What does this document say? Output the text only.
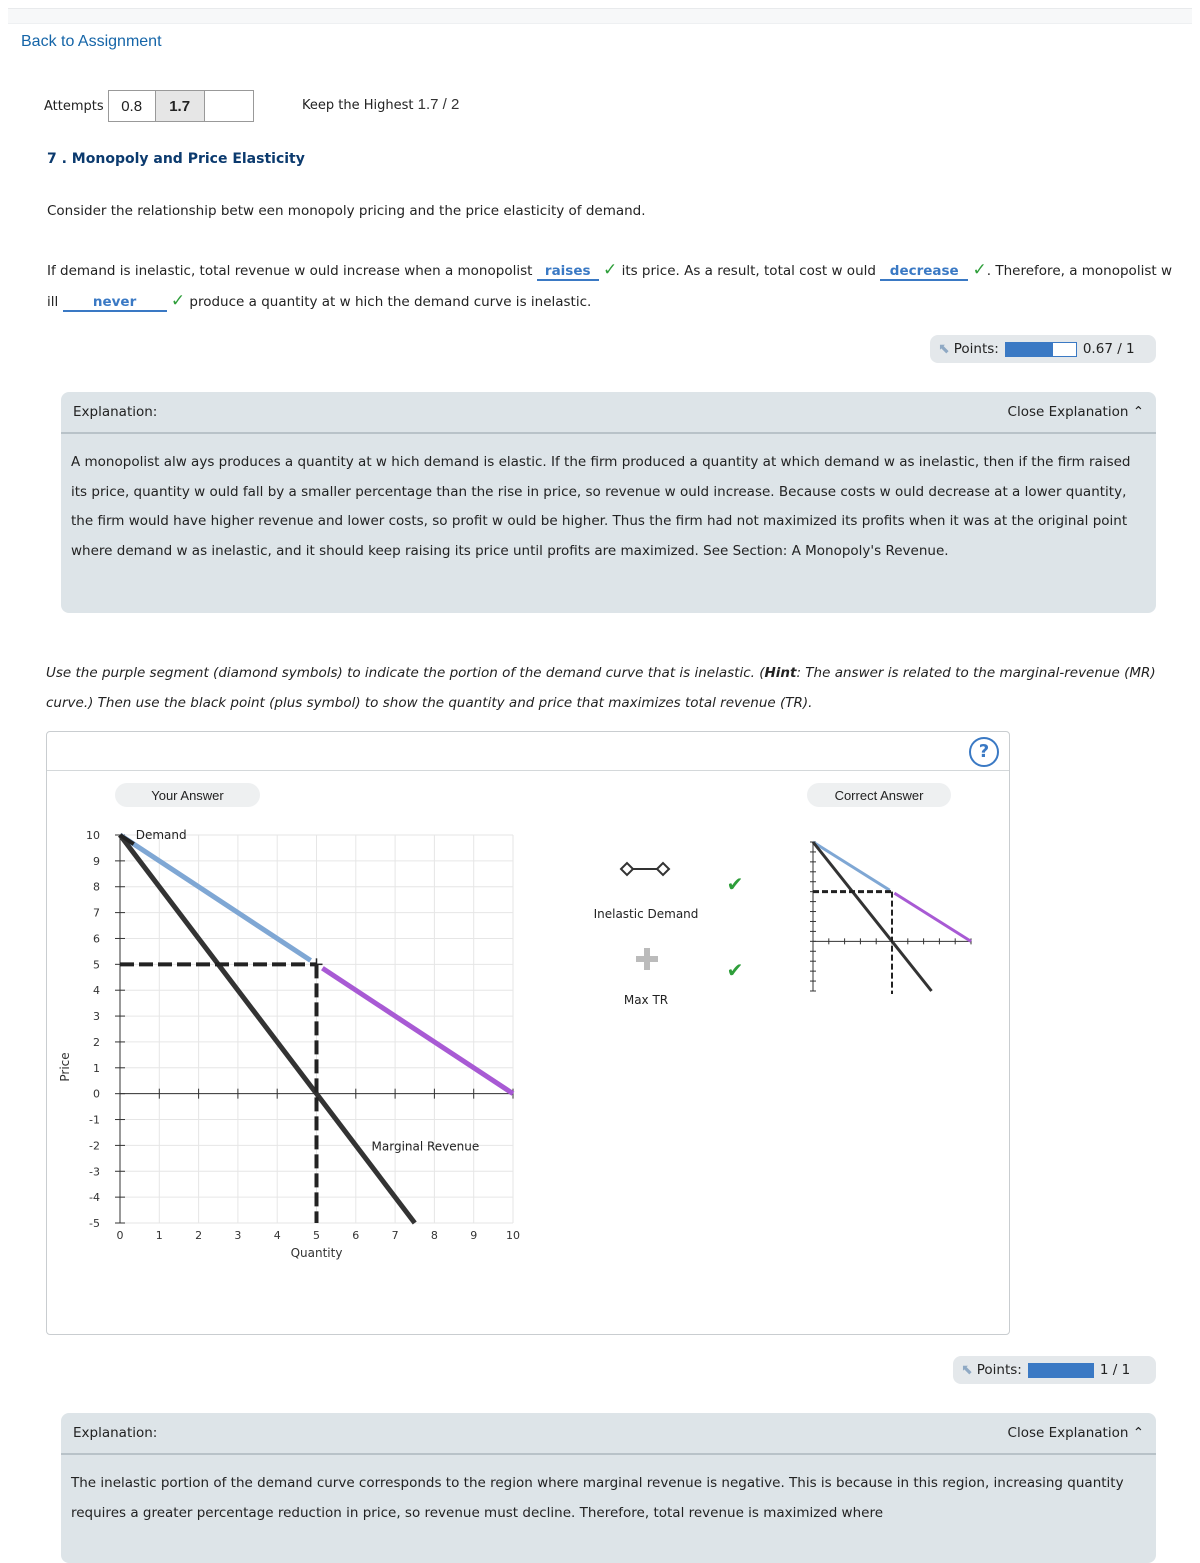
Back to Assignment
Attempts	0.8	1.7	Keep the Highest 1.7 / 2
7 . Monopoly and Price Elasticity
Consider the relationship betw een monopoly pricing and the price elasticity of demand.
If demand is inelastic, total revenue w ould increase when a monopolist raises ✓ its price. As a result, total cost w ould decrease ✓. Therefore, a monopolist w ill	never ✓ produce a quantity at w hich the demand curve is inelastic.
⬉ Points:	0.67 / 1
Explanation:	Close Explanation ⌃
A monopolist alw ays produces a quantity at w hich demand is elastic. If the firm produced a quantity at which demand w as inelastic, then if the firm raised its price, quantity w ould fall by a smaller percentage than the rise in price, so revenue w ould increase. Because costs w ould decrease at a lower quantity, the firm would have higher revenue and lower costs, so profit w ould be higher. Thus the firm had not maximized its profits when it was at the original point where demand w as inelastic, and it should keep raising its price until profits are maximized. See Section: A Monopoly's Revenue.
Use the purple segment (diamond symbols) to indicate the portion of the demand curve that is inelastic. (Hint: The answer is related to the marginal-revenue (MR) curve.) Then use the black point (plus symbol) to show the quantity and price that maximizes total revenue (TR).
?
Your Answer	Correct Answer
0	1	2	3	4	5	6	7	8	9	10
10
9
8
7
6
5
4
3
2
1
0
-1
-2
-3
-4
-5
Quantity
Price
Demand
Marginal Revenue
Inelastic Demand
Max TR
✔
✔
⬉ Points:	1 / 1
Explanation:	Close Explanation ⌃
The inelastic portion of the demand curve corresponds to the region where marginal revenue is negative. This is because in this region, increasing quantity requires a greater percentage reduction in price, so revenue must decline. Therefore, total revenue is maximized where
